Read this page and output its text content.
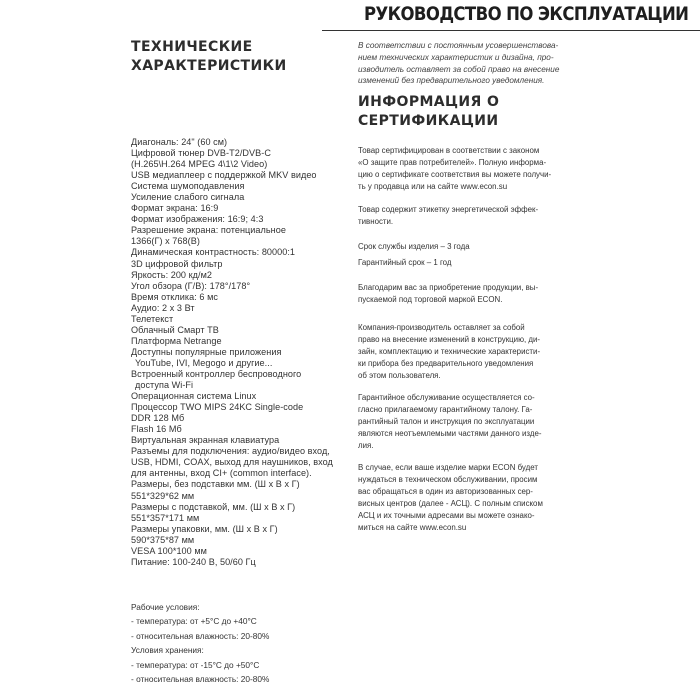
РУКОВОДСТВО ПО ЭКСПЛУАТАЦИИ
ТЕХНИЧЕСКИЕ
ХАРАКТЕРИСТИКИ
Диагональ: 24" (60 см)
Цифровой тюнер DVB-T2/DVB-C
(H.265\H.264 MPEG 4\1\2 Video)
USB медиаплеер с поддержкой MKV видео
Система шумоподавления
Усиление слабого сигнала
Формат экрана: 16:9
Формат изображения: 16:9; 4:3
Разрешение экрана: потенциальное
1366(Г) х 768(В)
Динамическая контрастность: 80000:1
3D цифровой фильтр
Яркость: 200 кд/м2
Угол обзора (Г/В): 178°/178°
Время отклика: 6 мс
Аудио: 2 х 3 Вт
Телетекст
Облачный Смарт ТВ
Платформа Netrange
Доступны популярные приложения
YouTube, IVI, Megogo и другие...
Встроенный контроллер беспроводного
доступа Wi-Fi
Операционная система Linux
Процессор TWO MIPS 24KC Single-code
DDR 128 Мб
Flash 16 Мб
Виртуальная экранная клавиатура
Разъемы для подключения: аудио/видео вход,
USB, HDMI, COAX, выход для наушников, вход
для антенны, вход CI+ (common interface).
Размеры, без подставки мм. (Ш х В х Г)
551*329*62 мм
Размеры с подставкой, мм. (Ш х В х Г)
551*357*171 мм
Размеры упаковки, мм. (Ш х В х Г)
590*375*87 мм
VESA 100*100 мм
Питание: 100-240 В, 50/60 Гц
Рабочие условия:
- температура: от +5°С до +40°С
- относительная влажность: 20-80%
Условия хранения:
- температура: от -15°С до +50°С
- относительная влажность: 20-80%
В соответствии с постоянным усовершенствова-
нием технических характеристик и дизайна, про-
изводитель оставляет за собой право на внесение
изменений без предварительного уведомления.
ИНФОРМАЦИЯ О
СЕРТИФИКАЦИИ
Товар сертифицирован в соответствии с законом
«О защите прав потребителей». Полную информа-
цию о сертификате соответствия вы можете получи-
ть у продавца или на сайте www.econ.su
Товар содержит этикетку энергетической эффек-
тивности.
Срок службы изделия – 3 года
Гарантийный срок – 1 год
Благодарим вас за приобретение продукции, вы-
пускаемой под торговой маркой ECON.
Компания-производитель оставляет за собой
право на внесение изменений в конструкцию, ди-
зайн, комплектацию и технические характеристи-
ки прибора без предварительного уведомления
об этом пользователя.
Гарантийное обслуживание осуществляется со-
гласно прилагаемому гарантийному талону. Га-
рантийный талон и инструкция по эксплуатации
являются неотъемлемыми частями данного изде-
лия.
В случае, если ваше изделие марки ECON будет
нуждаться в техническом обслуживании, просим
вас обращаться в один из авторизованных сер-
висных центров (далее - АСЦ). С полным списком
АСЦ и их точными адресами вы можете ознако-
миться на сайте www.econ.su
